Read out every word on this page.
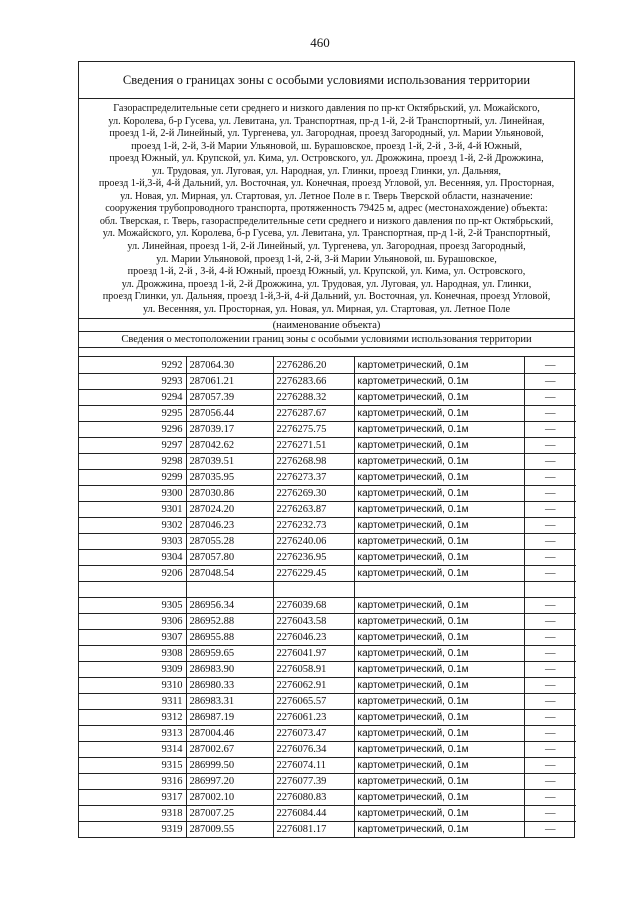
460
Сведения о границах зоны с особыми условиями использования территории
Газораспределительные сети среднего и низкого давления по пр-кт Октябрьский, ул. Можайского,
ул. Королева, б-р Гусева, ул. Левитана, ул. Транспортная, пр-д 1-й, 2-й Транспортный, ул. Линейная,
проезд 1-й, 2-й Линейный, ул. Тургенева, ул. Загородная, проезд Загородный, ул. Марии Ульяновой,
проезд 1-й, 2-й, 3-й Марии Ульяновой, ш. Бурашовское, проезд 1-й, 2-й , 3-й, 4-й Южный,
проезд Южный, ул. Крупской, ул. Кима, ул. Островского, ул. Дрожжина, проезд 1-й, 2-й Дрожжина,
ул. Трудовая, ул. Луговая, ул. Народная, ул. Глинки, проезд Глинки, ул. Дальняя,
проезд 1-й,3-й, 4-й Дальний, ул. Восточная, ул. Конечная, проезд Угловой, ул. Весенняя, ул. Просторная,
ул. Новая, ул. Мирная, ул. Стартовая, ул. Летное Поле в г. Тверь Тверской области, назначение:
сооружения трубопроводного транспорта, протяженность 79425 м, адрес (местонахождение) объекта:
обл. Тверская, г. Тверь, газораспределительные сети среднего и низкого давления по пр-кт Октябрьский,
ул. Можайского, ул. Королева, б-р Гусева, ул. Левитана, ул. Транспортная, пр-д 1-й, 2-й Транспортный,
ул. Линейная, проезд 1-й, 2-й Линейный, ул. Тургенева, ул. Загородная, проезд Загородный,
ул. Марии Ульяновой, проезд 1-й, 2-й, 3-й Марии Ульяновой, ш. Бурашовское,
проезд 1-й, 2-й , 3-й, 4-й Южный, проезд Южный, ул. Крупской, ул. Кима, ул. Островского,
ул. Дрожжина, проезд 1-й, 2-й Дрожжина, ул. Трудовая, ул. Луговая, ул. Народная, ул. Глинки,
проезд Глинки, ул. Дальняя, проезд 1-й,3-й, 4-й Дальний, ул. Восточная, ул. Конечная, проезд Угловой,
ул. Весенняя, ул. Просторная, ул. Новая, ул. Мирная, ул. Стартовая, ул. Летное Поле
(наименование объекта)
Сведения о местоположении границ зоны с особыми условиями использования территории
9292	287064.30	2276286.20	картометрический, 0.1м	—
9293	287061.21	2276283.66	картометрический, 0.1м	—
9294	287057.39	2276288.32	картометрический, 0.1м	—
9295	287056.44	2276287.67	картометрический, 0.1м	—
9296	287039.17	2276275.75	картометрический, 0.1м	—
9297	287042.62	2276271.51	картометрический, 0.1м	—
9298	287039.51	2276268.98	картометрический, 0.1м	—
9299	287035.95	2276273.37	картометрический, 0.1м	—
9300	287030.86	2276269.30	картометрический, 0.1м	—
9301	287024.20	2276263.87	картометрический, 0.1м	—
9302	287046.23	2276232.73	картометрический, 0.1м	—
9303	287055.28	2276240.06	картометрический, 0.1м	—
9304	287057.80	2276236.95	картометрический, 0.1м	—
9206	287048.54	2276229.45	картометрический, 0.1м	—

9305	286956.34	2276039.68	картометрический, 0.1м	—
9306	286952.88	2276043.58	картометрический, 0.1м	—
9307	286955.88	2276046.23	картометрический, 0.1м	—
9308	286959.65	2276041.97	картометрический, 0.1м	—
9309	286983.90	2276058.91	картометрический, 0.1м	—
9310	286980.33	2276062.91	картометрический, 0.1м	—
9311	286983.31	2276065.57	картометрический, 0.1м	—
9312	286987.19	2276061.23	картометрический, 0.1м	—
9313	287004.46	2276073.47	картометрический, 0.1м	—
9314	287002.67	2276076.34	картометрический, 0.1м	—
9315	286999.50	2276074.11	картометрический, 0.1м	—
9316	286997.20	2276077.39	картометрический, 0.1м	—
9317	287002.10	2276080.83	картометрический, 0.1м	—
9318	287007.25	2276084.44	картометрический, 0.1м	—
9319	287009.55	2276081.17	картометрический, 0.1м	—
